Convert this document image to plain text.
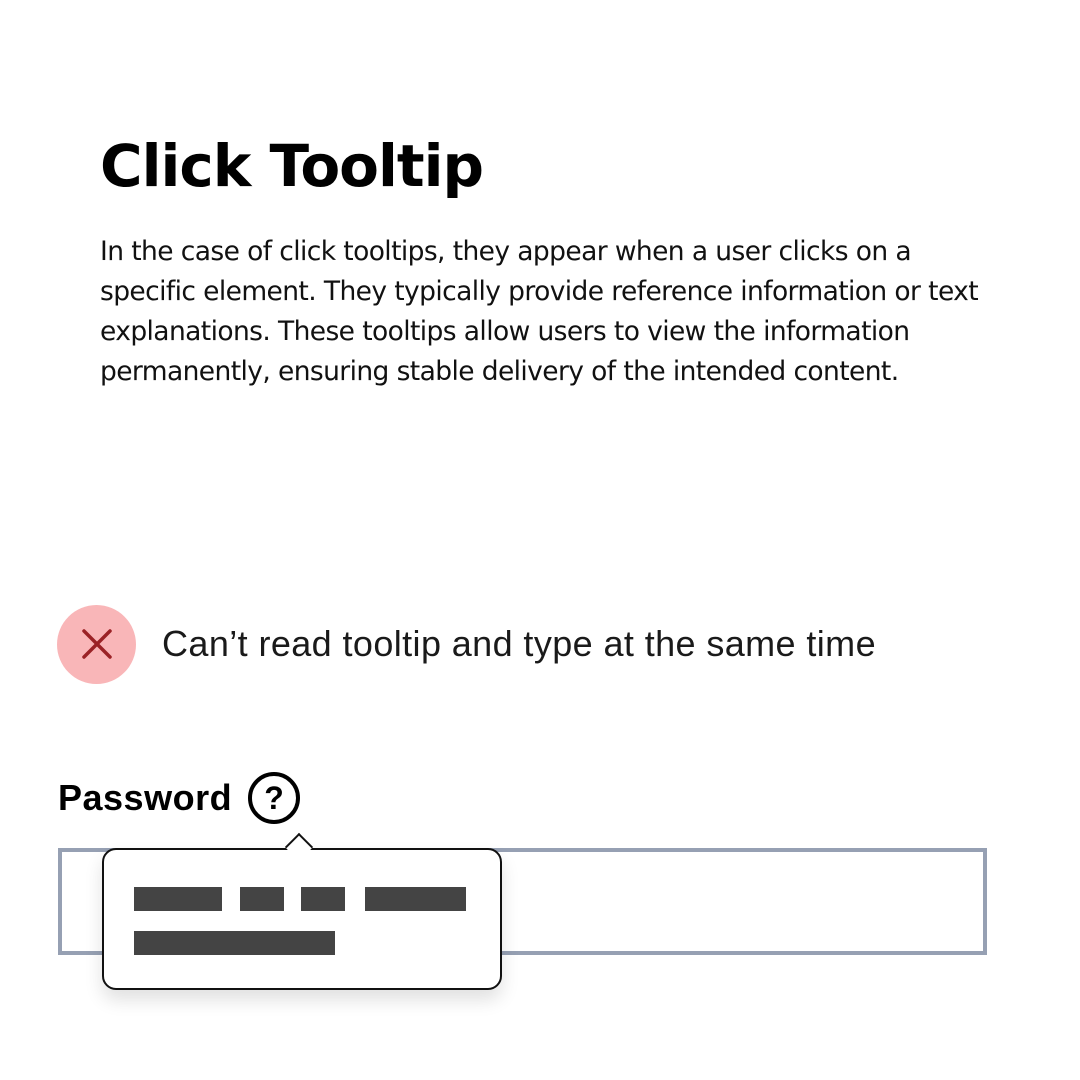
Click Tooltip

In the case of click tooltips, they appear when a user clicks on a specific element. They typically provide reference information or text explanations. These tooltips allow users to view the information permanently, ensuring stable delivery of the intended content.

Can’t read tooltip and type at the same time
Password ?
